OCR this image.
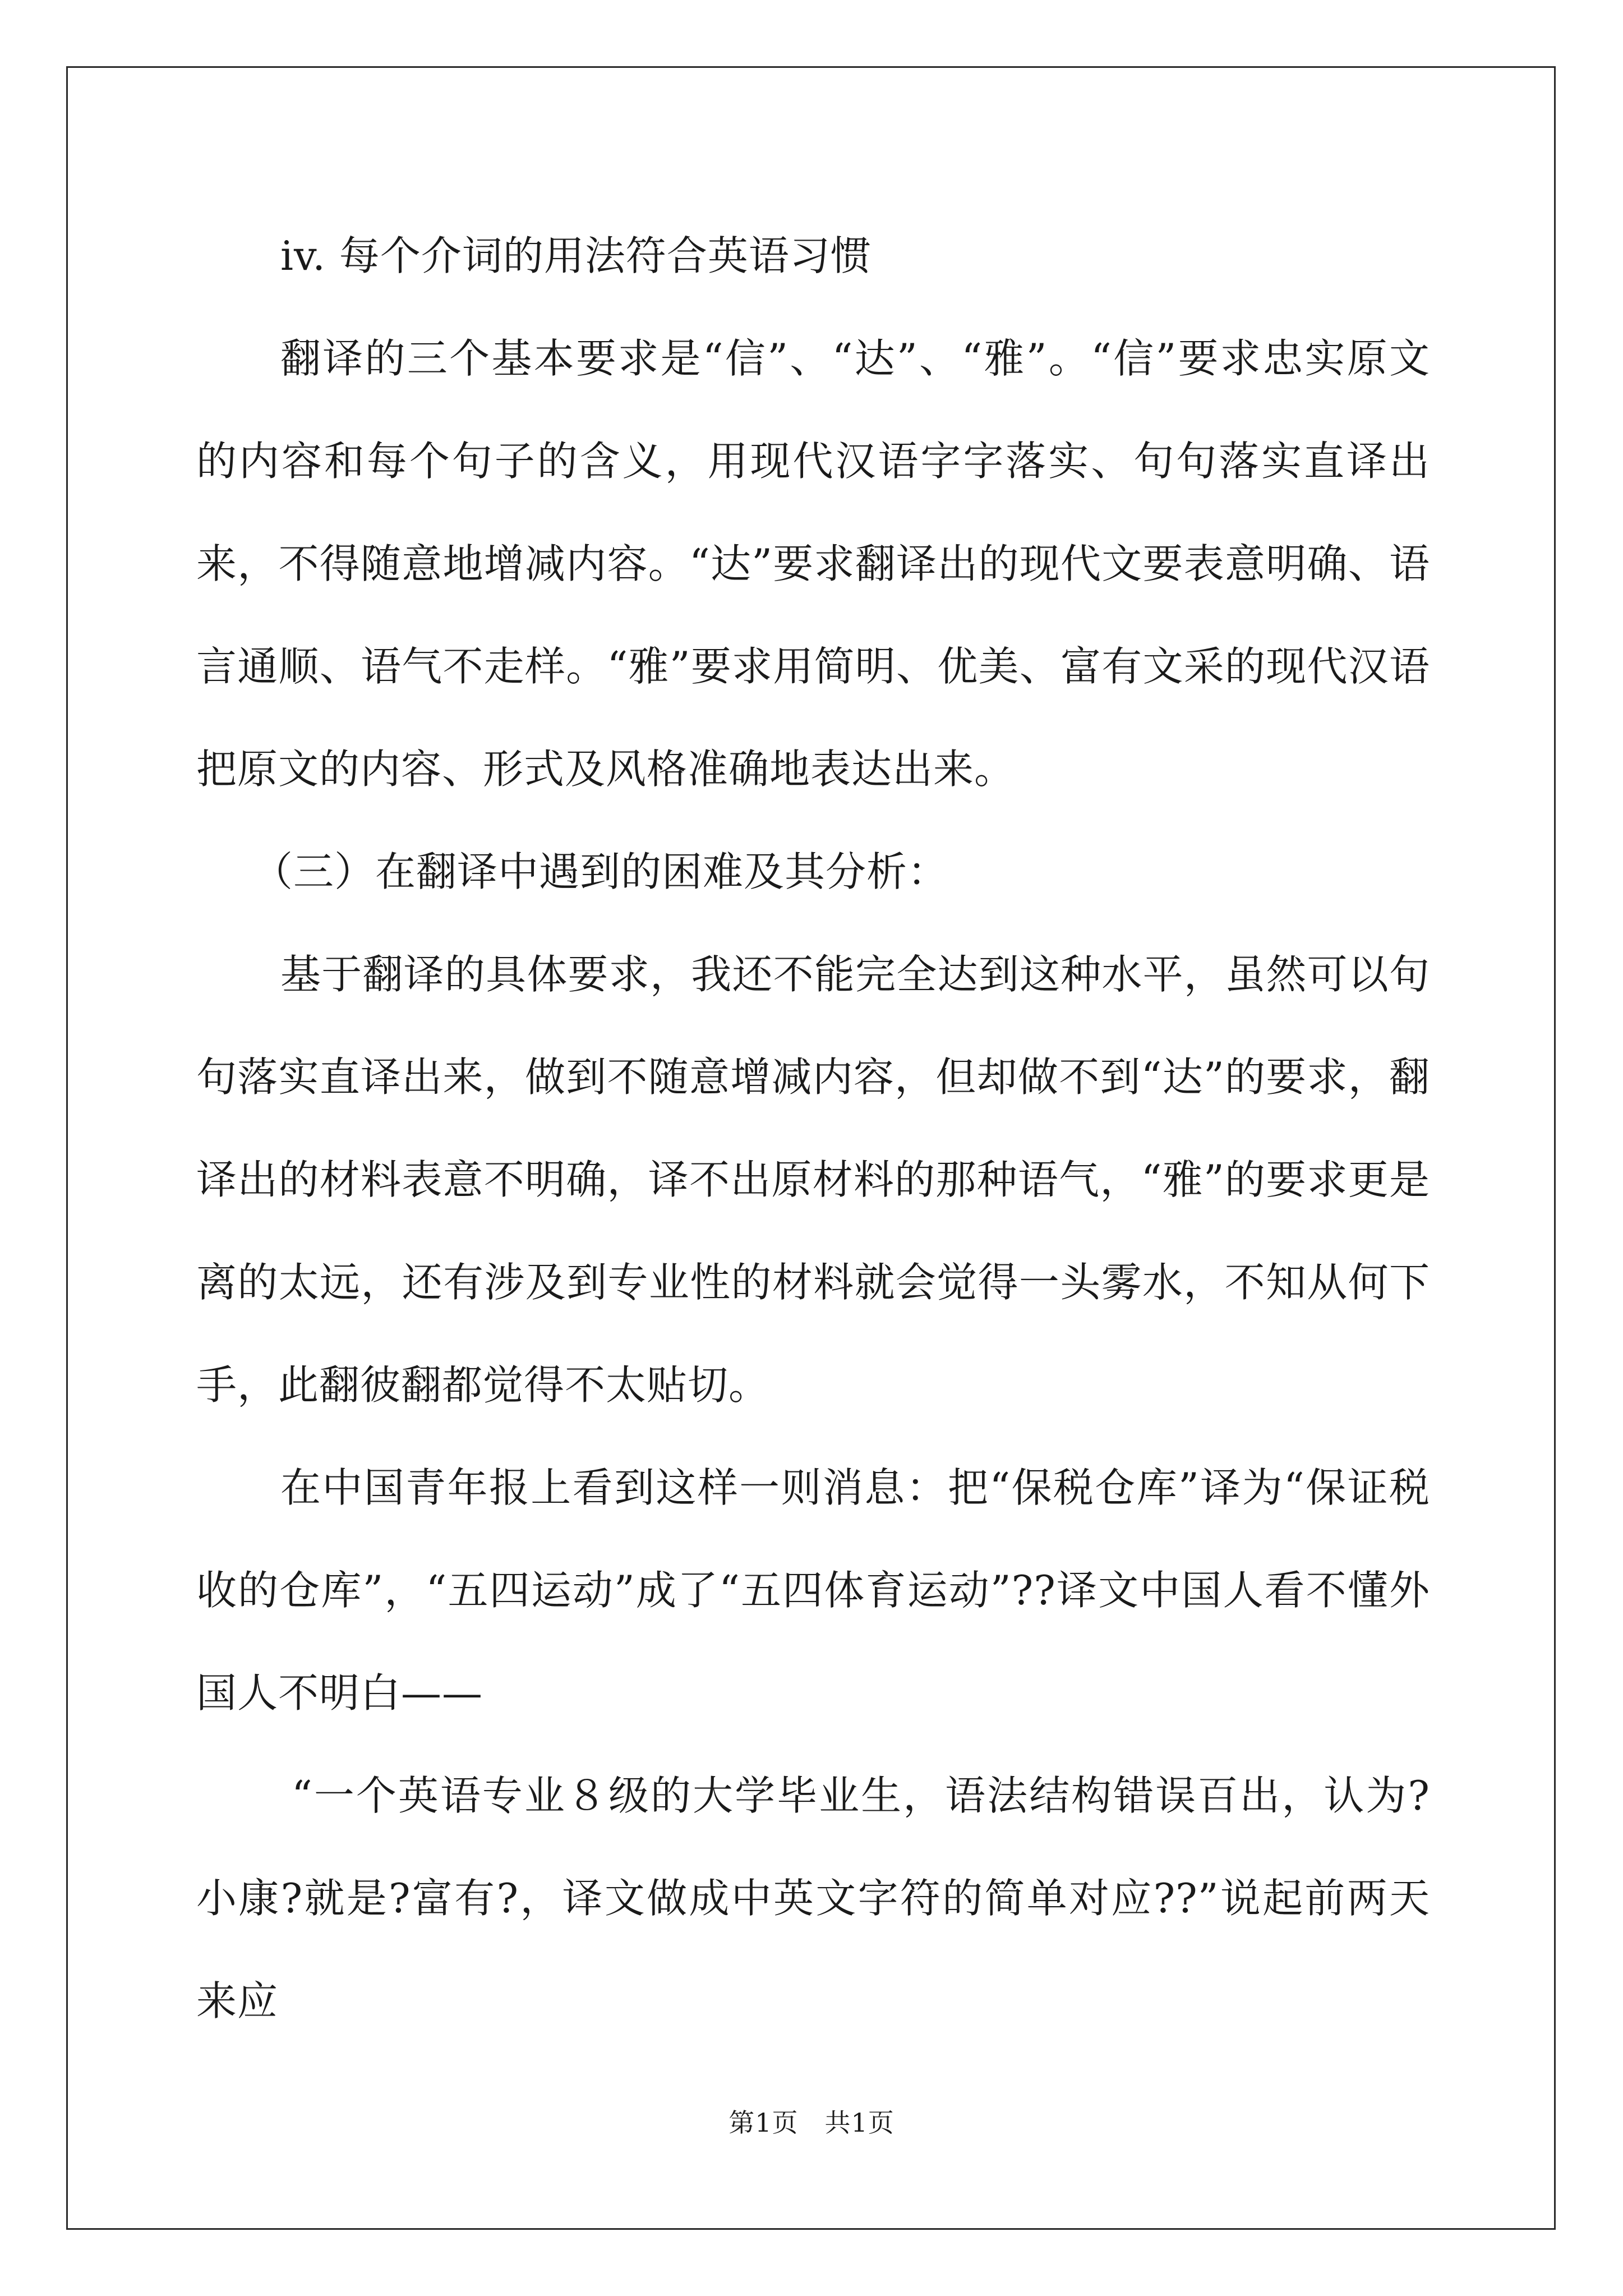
iv. 每个介词的用法符合英语习惯

翻译的三个基本要求是“信”、“达”、“雅”。“信”要求忠实原文的内容和每个句子的含义，用现代汉语字字落实、句句落实直译出来，不得随意地增减内容。“达”要求翻译出的现代文要表意明确、语言通顺、语气不走样。“雅”要求用简明、优美、富有文采的现代汉语把原文的内容、形式及风格准确地表达出来。

（三）在翻译中遇到的困难及其分析：

基于翻译的具体要求，我还不能完全达到这种水平，虽然可以句句落实直译出来，做到不随意增减内容，但却做不到“达”的要求，翻译出的材料表意不明确，译不出原材料的那种语气，“雅”的要求更是离的太远，还有涉及到专业性的材料就会觉得一头雾水，不知从何下手，此翻彼翻都觉得不太贴切。

在中国青年报上看到这样一则消息：把“保税仓库”译为“保证税收的仓库”，“五四运动”成了“五四体育运动”??译文中国人看不懂外国人不明白——

“一个英语专业８级的大学毕业生，语法结构错误百出，认为?小康?就是?富有?，译文做成中英文字符的简单对应??”说起前两天来应

第1页　共1页
